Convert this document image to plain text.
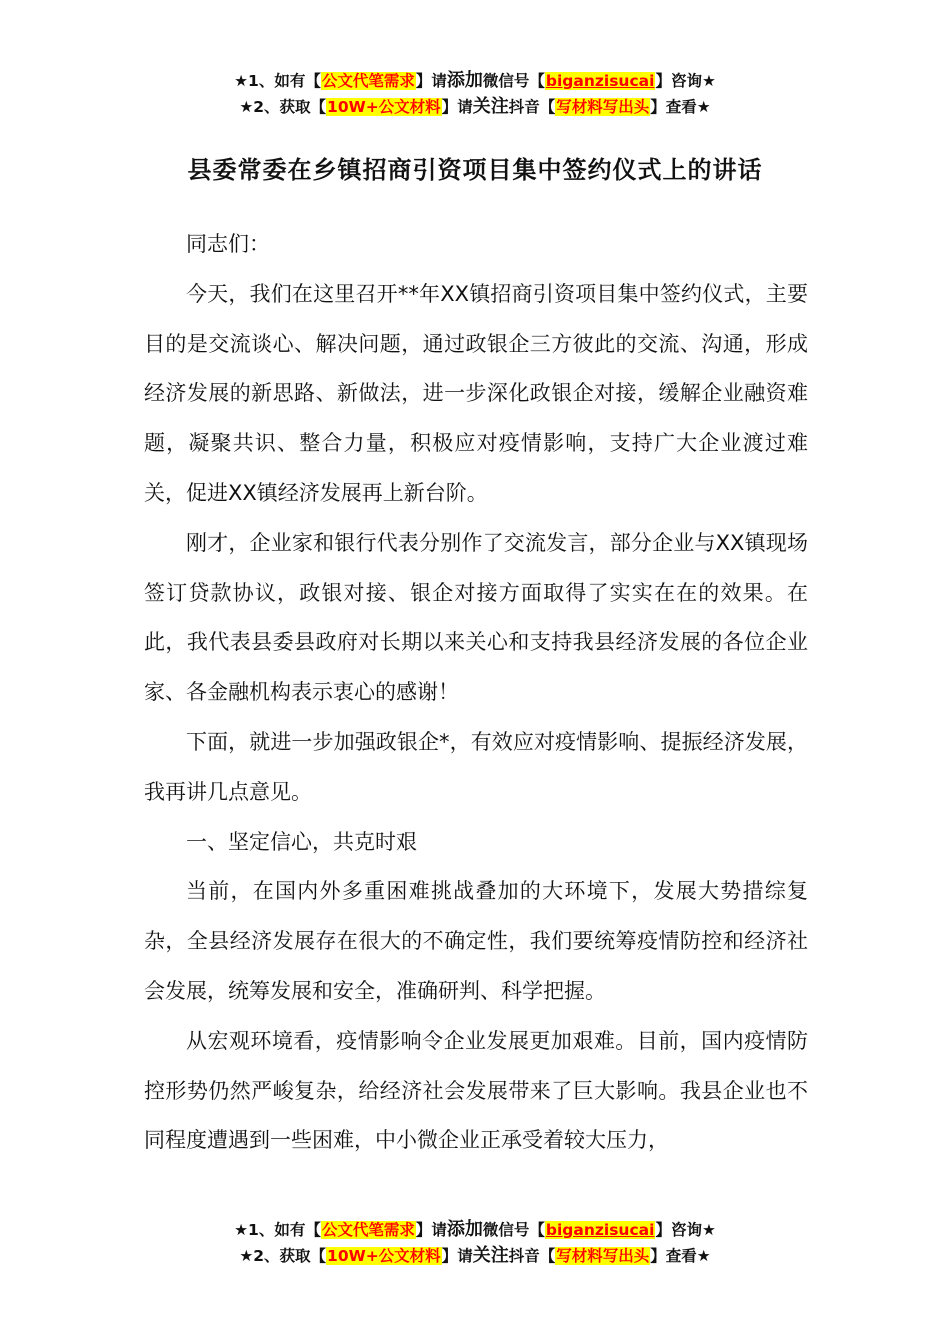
★1、如有【公文代笔需求】请添加微信号【biganzisucai】咨询★
★2、获取【10W+公文材料】请关注抖音【写材料写出头】查看★
县委常委在乡镇招商引资项目集中签约仪式上的讲话

同志们：

今天，我们在这里召开**年XX镇招商引资项目集中签约仪式，主要目的是交流谈心、解决问题，通过政银企三方彼此的交流、沟通，形成经济发展的新思路、新做法，进一步深化政银企对接，缓解企业融资难题，凝聚共识、整合力量，积极应对疫情影响，支持广大企业渡过难关，促进XX镇经济发展再上新台阶。

刚才，企业家和银行代表分别作了交流发言，部分企业与XX镇现场签订贷款协议，政银对接、银企对接方面取得了实实在在的效果。在此，我代表县委县政府对长期以来关心和支持我县经济发展的各位企业家、各金融机构表示衷心的感谢！

下面，就进一步加强政银企*，有效应对疫情影响、提振经济发展，我再讲几点意见。

一、坚定信心，共克时艰

当前，在国内外多重困难挑战叠加的大环境下，发展大势措综复杂，全县经济发展存在很大的不确定性，我们要统筹疫情防控和经济社会发展，统筹发展和安全，准确研判、科学把握。

从宏观环境看，疫情影响令企业发展更加艰难。目前，国内疫情防控形势仍然严峻复杂，给经济社会发展带来了巨大影响。我县企业也不同程度遭遇到一些困难，中小微企业正承受着较大压力，

★1、如有【公文代笔需求】请添加微信号【biganzisucai】咨询★
★2、获取【10W+公文材料】请关注抖音【写材料写出头】查看★
